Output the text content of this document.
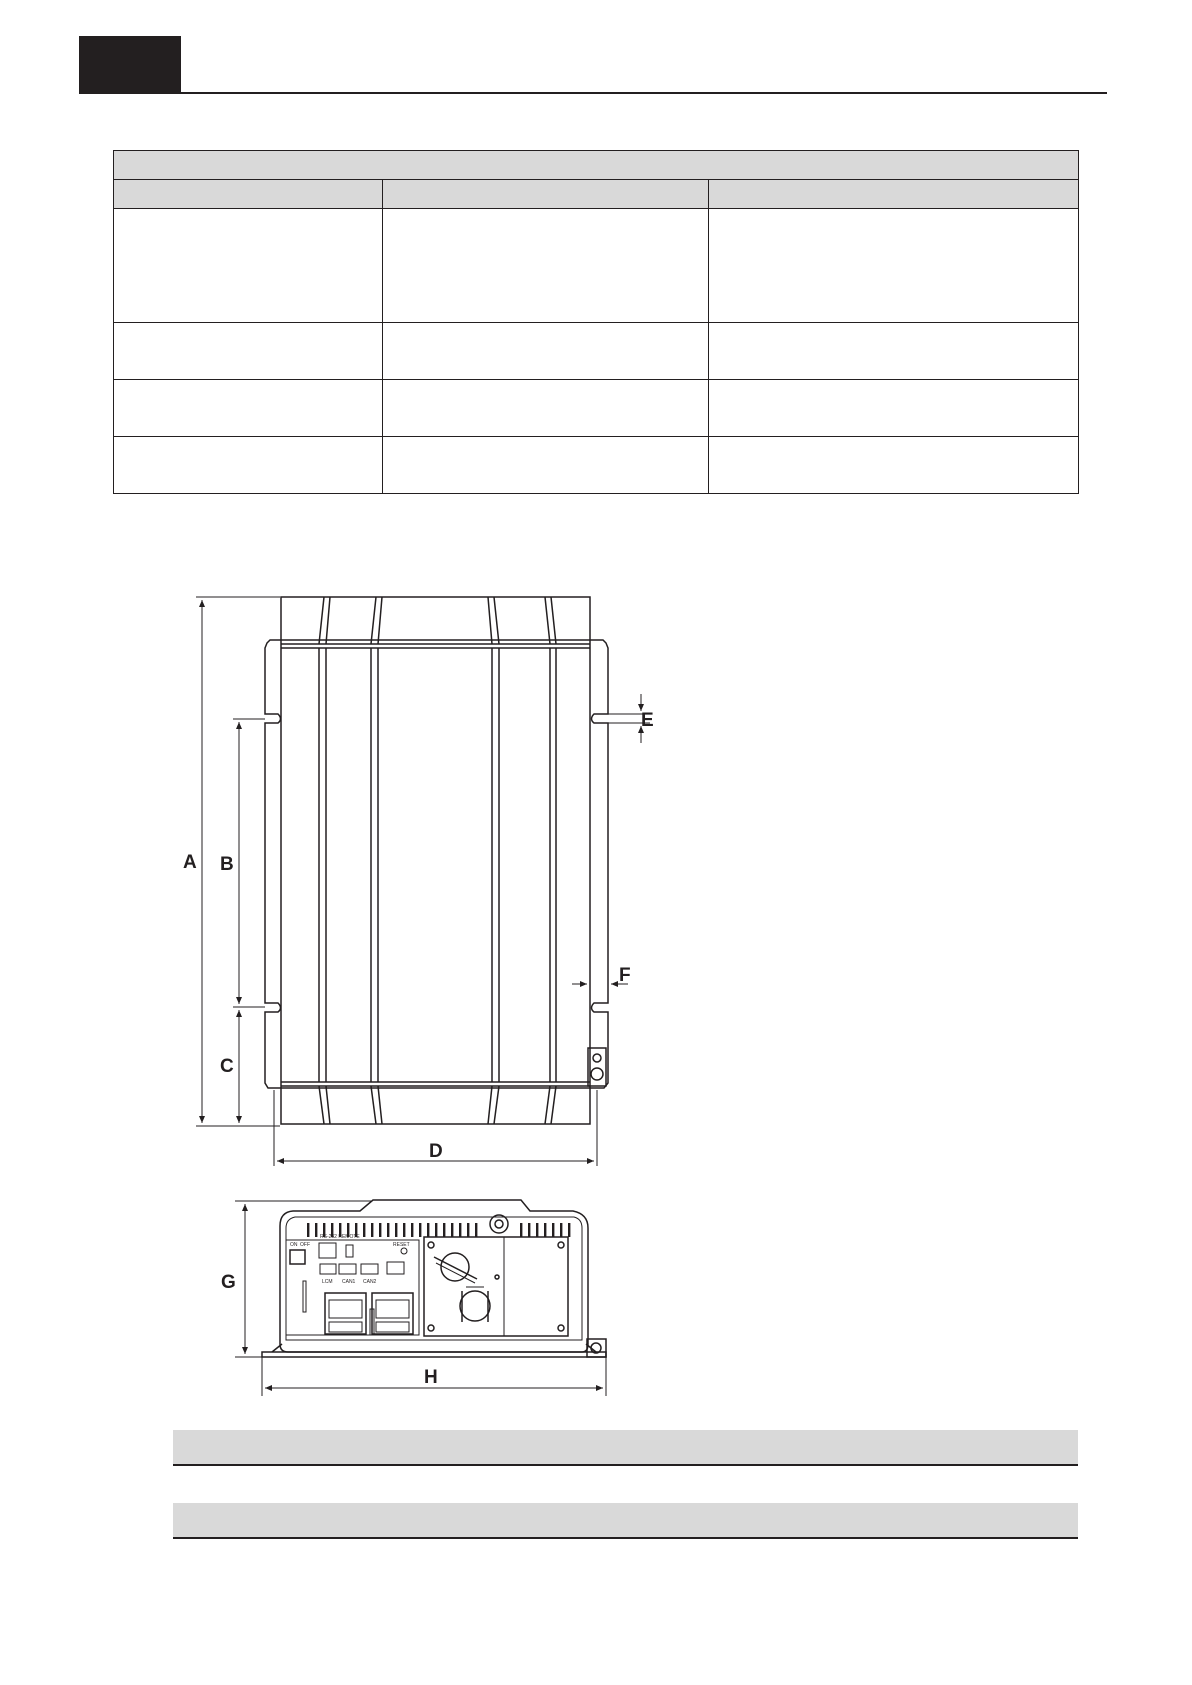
A B
C
D
E
F
ON OFF
RS-232 REMOTE
RESET
LCM CAN1 CAN2
G
H
